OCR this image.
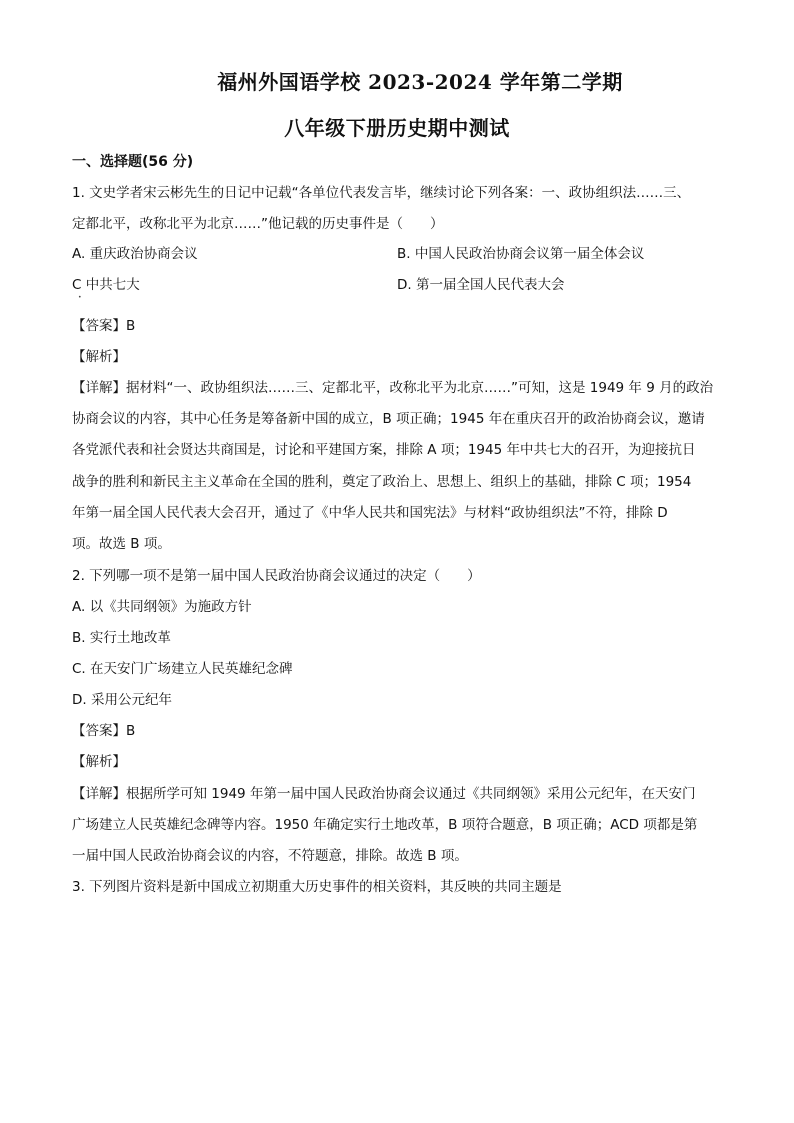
福州外国语学校 2023-2024 学年第二学期
八年级下册历史期中测试
一、选择题(56 分)
1. 文史学者宋云彬先生的日记中记载“各单位代表发言毕，继续讨论下列各案：一、政协组织法……三、
定都北平，改称北平为北京……”他记载的历史事件是（　　）
A. 重庆政治协商会议	B. 中国人民政治协商会议第一届全体会议
C 中共七大	D. 第一届全国人民代表大会
•
【答案】B
【解析】
【详解】据材料“一、政协组织法……三、定都北平，改称北平为北京……”可知，这是 1949 年 9 月的政治
协商会议的内容，其中心任务是筹备新中国的成立，B 项正确；1945 年在重庆召开的政治协商会议，邀请
各党派代表和社会贤达共商国是，讨论和平建国方案，排除 A 项；1945 年中共七大的召开，为迎接抗日
战争的胜利和新民主主义革命在全国的胜利，奠定了政治上、思想上、组织上的基础，排除 C 项；1954
年第一届全国人民代表大会召开，通过了《中华人民共和国宪法》与材料“政协组织法”不符，排除 D
项。故选 B 项。
2. 下列哪一项不是第一届中国人民政治协商会议通过的决定（　　）
A. 以《共同纲领》为施政方针
B. 实行土地改革
C. 在天安门广场建立人民英雄纪念碑
D. 采用公元纪年
【答案】B
【解析】
【详解】根据所学可知 1949 年第一届中国人民政治协商会议通过《共同纲领》采用公元纪年，在天安门
广场建立人民英雄纪念碑等内容。1950 年确定实行土地改革，B 项符合题意，B 项正确；ACD 项都是第
一届中国人民政治协商会议的内容，不符题意，排除。故选 B 项。
3. 下列图片资料是新中国成立初期重大历史事件的相关资料，其反映的共同主题是
